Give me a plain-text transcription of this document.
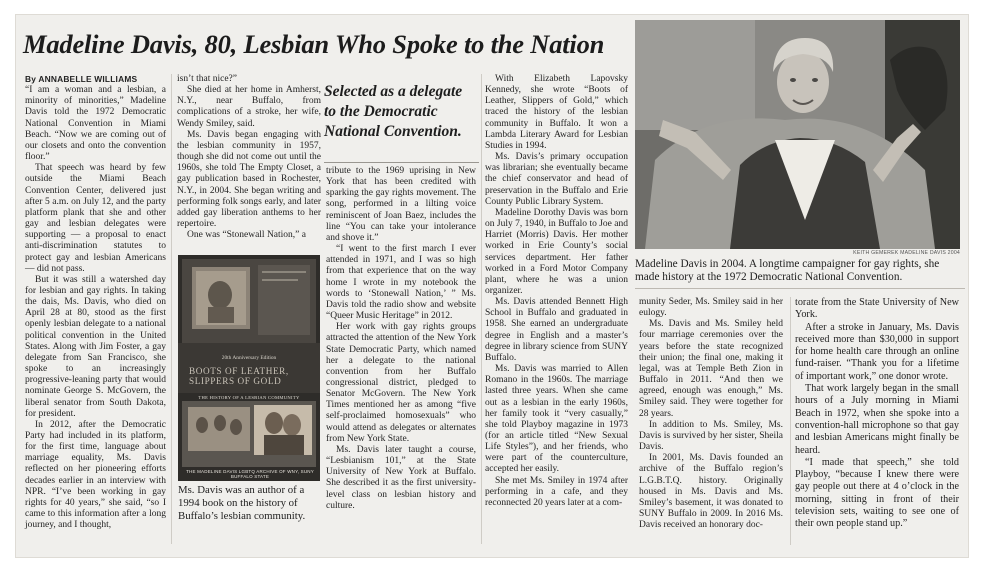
Madeline Davis, 80, Lesbian Who Spoke to the Nation

By ANNABELLE WILLIAMS

“I am a woman and a lesbian, a minority of minorities,” Madeline Davis told the 1972 Democratic National Convention in Miami Beach. “Now we are coming out of our closets and onto the convention floor.”

That speech was heard by few outside the Miami Beach Convention Center, delivered just after 5 a.m. on July 12, and the party platform plank that she and other gay and lesbian delegates were supporting — a proposal to enact anti-discrimination statutes to protect gay and lesbian Americans — did not pass.

But it was still a watershed day for lesbian and gay rights. In taking the dais, Ms. Davis, who died on April 28 at 80, stood as the first openly lesbian delegate to a national political convention in the United States. Along with Jim Foster, a gay delegate from San Francisco, she spoke to an increasingly progressive-leaning party that would nominate George S. McGovern, the liberal senator from South Dakota, for president.

In 2012, after the Democratic Party had included in its platform, for the first time, language about marriage equality, Ms. Davis reflected on her pioneering efforts decades earlier in an interview with NPR. “I’ve been working in gay rights for 40 years,” she said, “so I came to this information after a long journey, and I thought,

isn’t that nice?”

She died at her home in Amherst, N.Y., near Buffalo, from complications of a stroke, her wife, Wendy Smiley, said.

Ms. Davis began engaging with the lesbian community in 1957, though she did not come out until the 1960s, she told The Empty Closet, a gay publication based in Rochester, N.Y., in 2004. She began writing and performing folk songs early, and later added gay liberation anthems to her repertoire.

One was “Stonewall Nation,” a

20th Anniversary Edition
BOOTS OF LEATHER, SLIPPERS OF GOLD
THE HISTORY OF A LESBIAN COMMUNITY
THE MADELINE DAVIS LGBTQ ARCHIVE OF WNY, SUNY BUFFALO STATE
Ms. Davis was an author of a 1994 book on the history of Buffalo’s lesbian community.
Selected as a delegate to the Democratic National Convention.

tribute to the 1969 uprising in New York that has been credited with sparking the gay rights movement. The song, performed in a lilting voice reminiscent of Joan Baez, includes the line “You can take your intolerance and shove it.”

“I went to the first march I ever attended in 1971, and I was so high from that experience that on the way home I wrote in my notebook the words to ‘Stonewall Nation,’ ” Ms. Davis told the radio show and website “Queer Music Heritage” in 2012.

Her work with gay rights groups attracted the attention of the New York State Democratic Party, which named her a delegate to the national convention from her Buffalo congressional district, pledged to Senator McGovern. The New York Times mentioned her as among “five self-proclaimed homosexuals” who would attend as delegates or alternates from New York State.

Ms. Davis later taught a course, “Lesbianism 101,” at the State University of New York at Buffalo. She described it as the first university-level class on lesbian history and culture.

With Elizabeth Lapovsky Kennedy, she wrote “Boots of Leather, Slippers of Gold,” which traced the history of the lesbian community in Buffalo. It won a Lambda Literary Award for Lesbian Studies in 1994.

Ms. Davis’s primary occupation was librarian; she eventually became the chief conservator and head of preservation in the Buffalo and Erie County Public Library System.

Madeline Dorothy Davis was born on July 7, 1940, in Buffalo to Joe and Harriet (Morris) Davis. Her mother worked in Erie County’s social services department. Her father worked in a Ford Motor Company plant, where he was a union organizer.

Ms. Davis attended Bennett High School in Buffalo and graduated in 1958. She earned an undergraduate degree in English and a master’s degree in library science from SUNY Buffalo.

Ms. Davis was married to Allen Romano in the 1960s. The marriage lasted three years. When she came out as a lesbian in the early 1960s, her family took it “very casually,” she told Playboy magazine in 1973 (for an article titled “New Sexual Life Styles”), and her friends, who were part of the counterculture, accepted her easily.

She met Ms. Smiley in 1974 after performing in a cafe, and they reconnected 20 years later at a com-

KEITH GEMEREK MADELINE DAVIS 2004
Madeline Davis in 2004. A longtime campaigner for gay rights, she made history at the 1972 Democratic National Convention.

munity Seder, Ms. Smiley said in her eulogy.

Ms. Davis and Ms. Smiley held four marriage ceremonies over the years before the state recognized their union; the final one, making it legal, was at Temple Beth Zion in Buffalo in 2011. “And then we agreed, enough was enough,” Ms. Smiley said. They were together for 28 years.

In addition to Ms. Smiley, Ms. Davis is survived by her sister, Sheila Davis.

In 2001, Ms. Davis founded an archive of the Buffalo region’s L.G.B.T.Q. history. Originally housed in Ms. Davis and Ms. Smiley’s basement, it was donated to SUNY Buffalo in 2009. In 2016 Ms. Davis received an honorary doc-

torate from the State University of New York.

After a stroke in January, Ms. Davis received more than $30,000 in support for home health care through an online fund-raiser. “Thank you for a lifetime of important work,” one donor wrote.

That work largely began in the small hours of a July morning in Miami Beach in 1972, when she spoke into a convention-hall microphone so that gay and lesbian Americans might finally be heard.

“I made that speech,” she told Playboy, “because I knew there were gay people out there at 4 o’clock in the morning, sitting in front of their television sets, waiting to see one of their own people stand up.”
